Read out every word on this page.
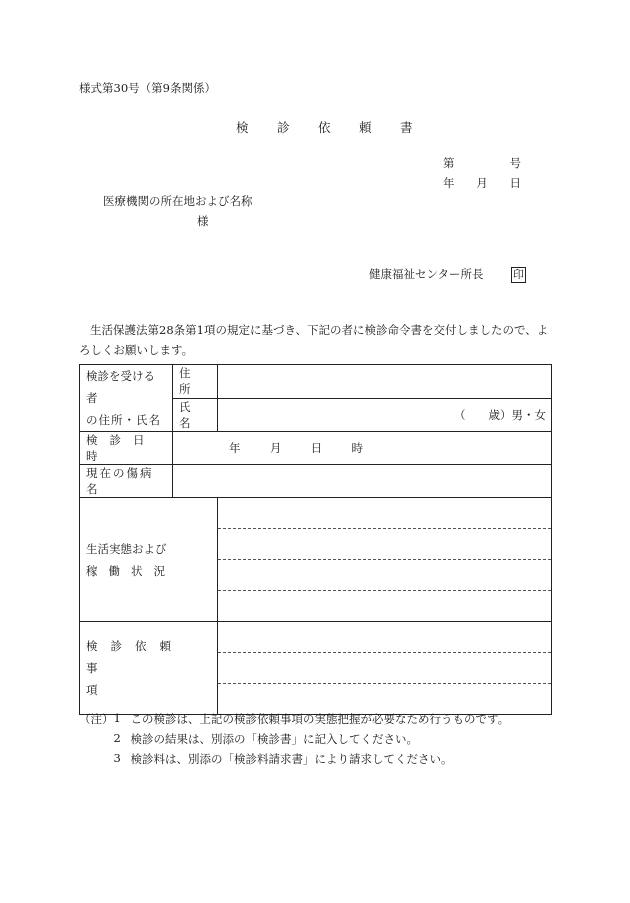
様式第30号（第9条関係）
検　診　依　頼　書
第	号
年 月 日
医療機関の所在地および名称
様
健康福祉センター所長	印
生活保護法第28条第1項の規定に基づき、下記の者に検診命令書を交付しましたので、よ
ろしくお願いします。
検診を受ける者
の住所・氏名	住　所	
	氏　名	（　　歳）男・女

検診日時	年 月 日 時	
現在の傷病名		

生活実態および
稼働状況		

検診依頼
事項		

（注）	1	この検診は、上記の検診依頼事項の実態把握が必要なため行うものです。
	2	検診の結果は、別添の「検診書」に記入してください。
	3	検診料は、別添の「検診料請求書」により請求してください。
